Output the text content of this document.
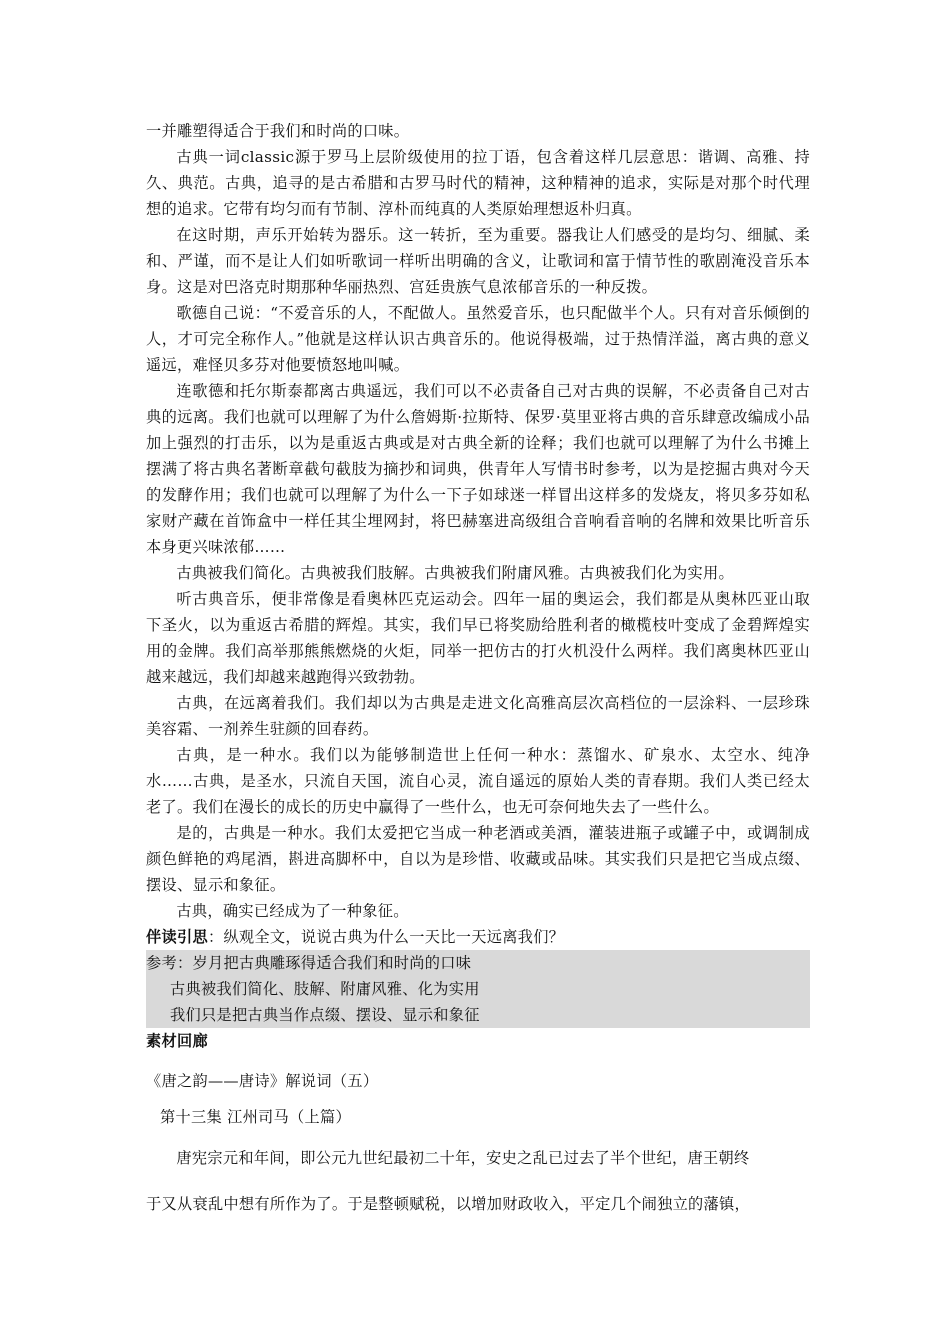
一并雕塑得适合于我们和时尚的口味。

古典一词classic源于罗马上层阶级使用的拉丁语，包含着这样几层意思：谐调、高雅、持久、典范。古典，追寻的是古希腊和古罗马时代的精神，这种精神的追求，实际是对那个时代理想的追求。它带有均匀而有节制、淳朴而纯真的人类原始理想返朴归真。

在这时期，声乐开始转为器乐。这一转折，至为重要。器我让人们感受的是均匀、细腻、柔和、严谨，而不是让人们如听歌词一样听出明确的含义，让歌词和富于情节性的歌剧淹没音乐本身。这是对巴洛克时期那种华丽热烈、宫廷贵族气息浓郁音乐的一种反拨。

歌德自己说：“不爱音乐的人，不配做人。虽然爱音乐，也只配做半个人。只有对音乐倾倒的人，才可完全称作人。”他就是这样认识古典音乐的。他说得极端，过于热情洋溢，离古典的意义遥远，难怪贝多芬对他要愤怒地叫喊。

连歌德和托尔斯泰都离古典遥远，我们可以不必责备自己对古典的误解，不必责备自己对古典的远离。我们也就可以理解了为什么詹姆斯·拉斯特、保罗·莫里亚将古典的音乐肆意改编成小品加上强烈的打击乐，以为是重返古典或是对古典全新的诠释；我们也就可以理解了为什么书摊上摆满了将古典名著断章截句截肢为摘抄和词典，供青年人写情书时参考，以为是挖掘古典对今天的发酵作用；我们也就可以理解了为什么一下子如球迷一样冒出这样多的发烧友，将贝多芬如私家财产藏在首饰盒中一样任其尘埋网封，将巴赫塞进高级组合音响看音响的名牌和效果比听音乐本身更兴味浓郁……

古典被我们简化。古典被我们肢解。古典被我们附庸风雅。古典被我们化为实用。

听古典音乐，便非常像是看奥林匹克运动会。四年一届的奥运会，我们都是从奥林匹亚山取下圣火，以为重返古希腊的辉煌。其实，我们早已将奖励给胜利者的橄榄枝叶变成了金碧辉煌实用的金牌。我们高举那熊熊燃烧的火炬，同举一把仿古的打火机没什么两样。我们离奥林匹亚山越来越远，我们却越来越跑得兴致勃勃。

古典，在远离着我们。我们却以为古典是走进文化高雅高层次高档位的一层涂料、一层珍珠美容霜、一剂养生驻颜的回春药。

古典，是一种水。我们以为能够制造世上任何一种水：蒸馏水、矿泉水、太空水、纯净水……古典，是圣水，只流自天国，流自心灵，流自遥远的原始人类的青春期。我们人类已经太老了。我们在漫长的成长的历史中赢得了一些什么，也无可奈何地失去了一些什么。

是的，古典是一种水。我们太爱把它当成一种老酒或美酒，灌装进瓶子或罐子中，或调制成颜色鲜艳的鸡尾酒，斟进高脚杯中，自以为是珍惜、收藏或品味。其实我们只是把它当成点缀、摆设、显示和象征。

古典，确实已经成为了一种象征。

伴读引思：纵观全文，说说古典为什么一天比一天远离我们？

参考：岁月把古典雕琢得适合我们和时尚的口味

古典被我们简化、肢解、附庸风雅、化为实用

我们只是把古典当作点缀、摆设、显示和象征

素材回廊

《唐之韵——唐诗》解说词（五）

第十三集 江州司马（上篇）

唐宪宗元和年间，即公元九世纪最初二十年，安史之乱已过去了半个世纪，唐王朝终

于又从衰乱中想有所作为了。于是整顿赋税，以增加财政收入，平定几个闹独立的藩镇，
